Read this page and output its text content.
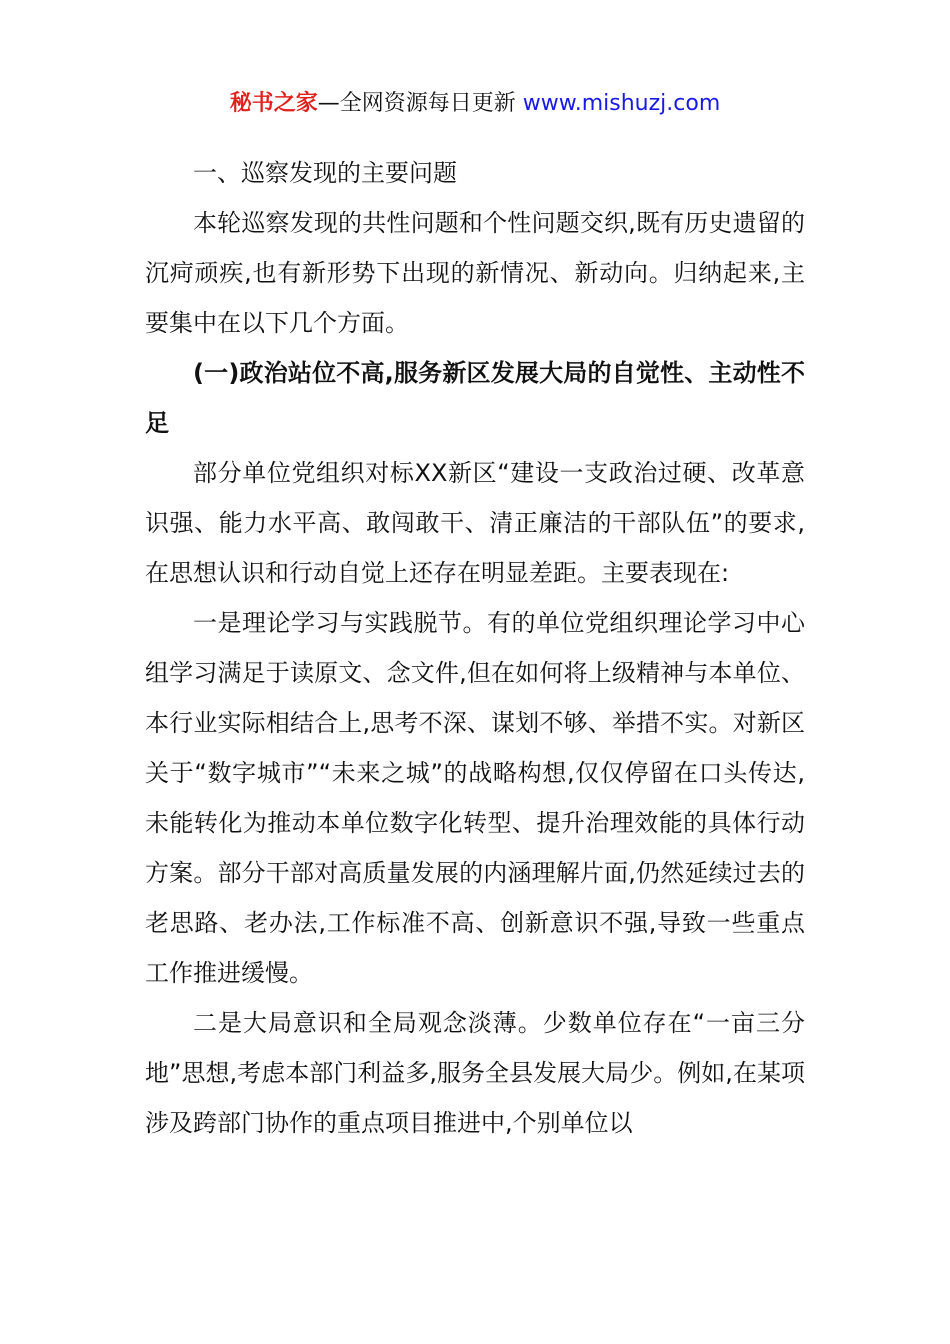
秘书之家—全网资源每日更新 www.mishuzj.com

一、巡察发现的主要问题

本轮巡察发现的共性问题和个性问题交织,既有历史遗留的沉疴顽疾,也有新形势下出现的新情况、新动向。归纳起来,主要集中在以下几个方面。

(一)政治站位不高,服务新区发展大局的自觉性、主动性不足

部分单位党组织对标XX新区“建设一支政治过硬、改革意识强、能力水平高、敢闯敢干、清正廉洁的干部队伍”的要求,在思想认识和行动自觉上还存在明显差距。主要表现在:

一是理论学习与实践脱节。有的单位党组织理论学习中心组学习满足于读原文、念文件,但在如何将上级精神与本单位、本行业实际相结合上,思考不深、谋划不够、举措不实。对新区关于“数字城市”“未来之城”的战略构想,仅仅停留在口头传达,未能转化为推动本单位数字化转型、提升治理效能的具体行动方案。部分干部对高质量发展的内涵理解片面,仍然延续过去的老思路、老办法,工作标准不高、创新意识不强,导致一些重点工作推进缓慢。

二是大局意识和全局观念淡薄。少数单位存在“一亩三分地”思想,考虑本部门利益多,服务全县发展大局少。例如,在某项涉及跨部门协作的重点项目推进中,个别单位以
